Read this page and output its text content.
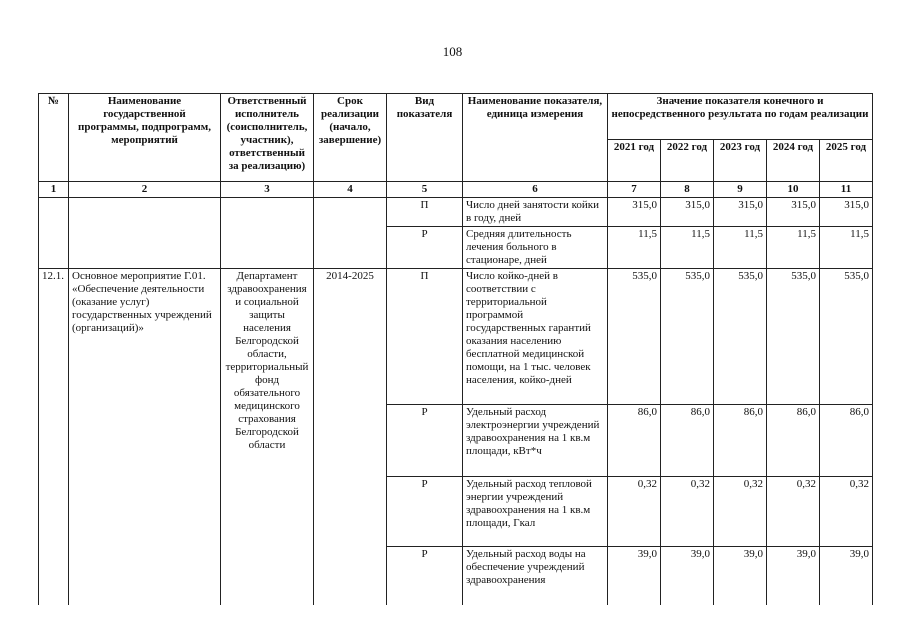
108
№	Наименование государственной программы, подпрограмм, мероприятий	Ответственный исполнитель (соисполнитель, участник), ответственный за реализацию)	Срок реализации (начало, завершение)	Вид показателя	Наименование показателя, единица измерения	Значение показателя конечного и непосредственного результата по годам реализации				
						2021 год	2022 год	2023 год	2024 год	2025 год
1	2	3	4	5	6	7	8	9	10	11
				П	Число дней занятости койки в году, дней	315,0	315,0	315,0	315,0	315,0
				Р	Средняя длительность лечения больного в стационаре, дней	11,5	11,5	11,5	11,5	11,5
12.1.	Основное мероприятие Г.01. «Обеспечение деятельности (оказание услуг) государственных учреждений (организаций)»	Департамент здравоохранения и социальной защиты населения Белгородской области, территориальный фонд обязательного медицинского страхования Белгородской области	2014-2025	П	Число койко-дней в соответствии с территориальной программой государственных гарантий оказания населению бесплатной медицинской помощи, на 1 тыс. человек населения, койко-дней	535,0	535,0	535,0	535,0	535,0
				Р	Удельный расход электроэнергии учреждений здравоохранения на 1 кв.м площади, кВт*ч	86,0	86,0	86,0	86,0	86,0
				Р	Удельный расход тепловой энергии учреждений здравоохранения на 1 кв.м площади, Гкал	0,32	0,32	0,32	0,32	0,32
				Р	Удельный расход воды на обеспечение учреждений здравоохранения	39,0	39,0	39,0	39,0	39,0
